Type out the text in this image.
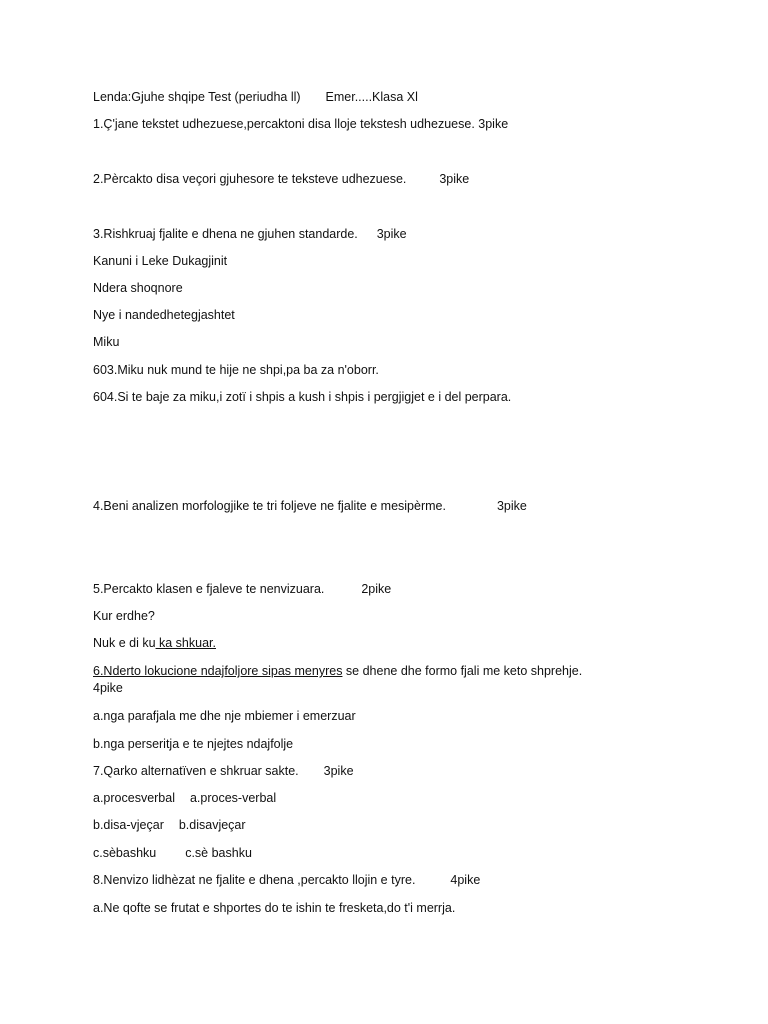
Lenda:Gjuhe shqipe Test (periudha ll) Emer.....Klasa Xl
1.Ç'jane tekstet udhezuese,percaktoni disa lloje tekstesh udhezuese. 3pike
2.Pèrcakto disa veçori gjuhesore te teksteve udhezuese.	3pike
3.Rishkruaj fjalite e dhena ne gjuhen standarde. 3pike
Kanuni i Leke Dukagjinit
Ndera shoqnore
Nye i nandedhetegjashtet
Miku
603.Miku nuk mund te hije ne shpi,pa ba za n'oborr.
604.Si te baje za miku,i zotï i shpis a kush i shpis i pergjigjet e i del perpara.
4.Beni analizen morfologjike te tri foljeve ne fjalite e mesipèrme.	3pike
5.Percakto klasen e fjaleve te nenvizuara.	2pike
Kur erdhe?
Nuk e di ku ka shkuar.
6.Nderto lokucione ndajfoljore sipas menyres se dhene dhe formo fjali me keto shprehje.
4pike
a.nga parafjala me dhe nje mbiemer i emerzuar
b.nga perseritja e te njejtes ndajfolje
7.Qarko alternatïven e shkruar sakte. 3pike
a.procesverbal a.proces-verbal
b.disa-vjeçar b.disavjeçar
c.sèbashku c.sè bashku
8.Nenvizo lidhèzat ne fjalite e dhena ,percakto llojin e tyre.	4pike
a.Ne qofte se frutat e shportes do te ishin te fresketa,do t'i merrja.
